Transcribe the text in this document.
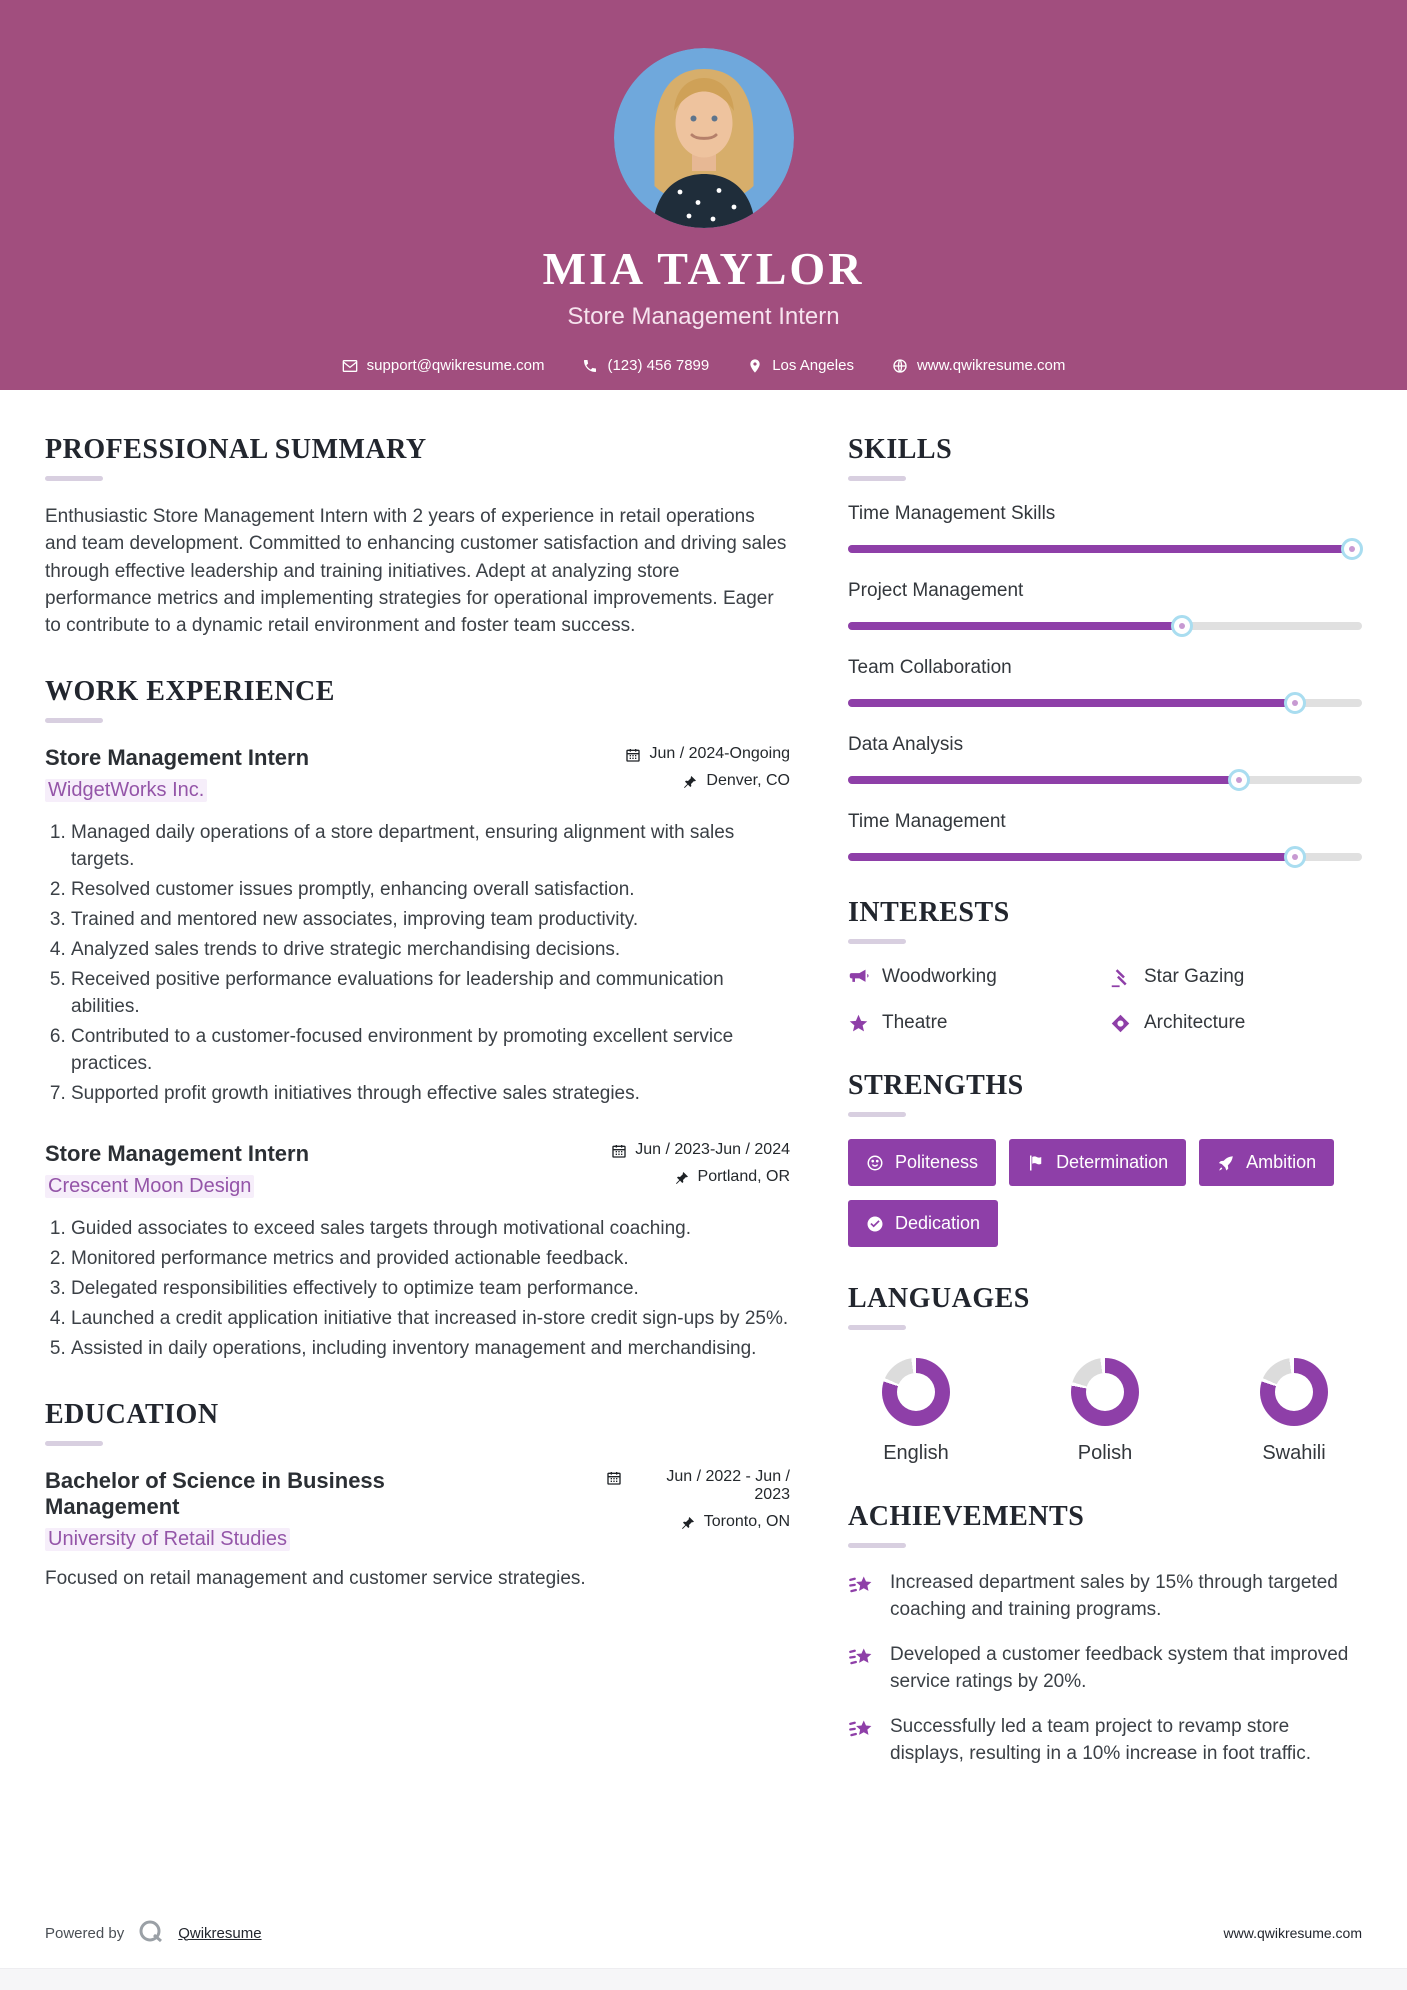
MIA TAYLOR
Store Management Intern
support@qwikresume.com	(123) 456 7899	Los Angeles	www.qwikresume.com
PROFESSIONAL SUMMARY

Enthusiastic Store Management Intern with 2 years of experience in retail operations and team development. Committed to enhancing customer satisfaction and driving sales through effective leadership and training initiatives. Adept at analyzing store performance metrics and implementing strategies for operational improvements. Eager to contribute to a dynamic retail environment and foster team success.

WORK EXPERIENCE
Store Management Intern
WidgetWorks Inc.
Jun / 2024-Ongoing
Denver, CO
1. Managed daily operations of a store department, ensuring alignment with sales targets.
2. Resolved customer issues promptly, enhancing overall satisfaction.
3. Trained and mentored new associates, improving team productivity.
4. Analyzed sales trends to drive strategic merchandising decisions.
5. Received positive performance evaluations for leadership and communication abilities.
6. Contributed to a customer-focused environment by promoting excellent service practices.
7. Supported profit growth initiatives through effective sales strategies.
Store Management Intern
Crescent Moon Design
Jun / 2023-Jun / 2024
Portland, OR
1. Guided associates to exceed sales targets through motivational coaching.
2. Monitored performance metrics and provided actionable feedback.
3. Delegated responsibilities effectively to optimize team performance.
4. Launched a credit application initiative that increased in-store credit sign-ups by 25%.
5. Assisted in daily operations, including inventory management and merchandising.
EDUCATION
Bachelor of Science in Business Management
University of Retail Studies
Jun / 2022 - Jun / 2023
Toronto, ON

Focused on retail management and customer service strategies.

SKILLS
Time Management Skills
Project Management
Team Collaboration
Data Analysis
Time Management
INTERESTS
Woodworking	Star Gazing
Theatre	Architecture
STRENGTHS
Politeness	Determination	Ambition
Dedication
LANGUAGES
English	Polish	Swahili
ACHIEVEMENTS
Increased department sales by 15% through targeted coaching and training programs.
Developed a customer feedback system that improved service ratings by 20%.
Successfully led a team project to revamp store displays, resulting in a 10% increase in foot traffic.
Powered by	Qwikresume	www.qwikresume.com
